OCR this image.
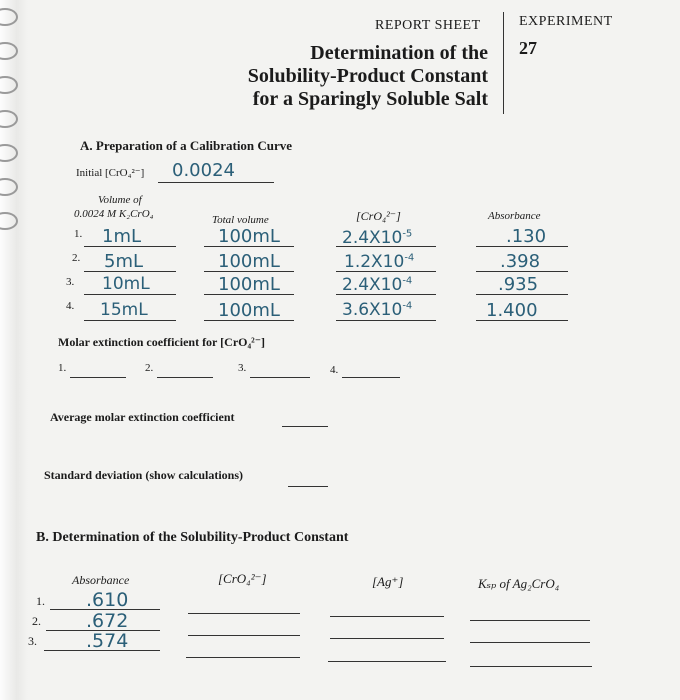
REPORT SHEET	EXPERIMENT
27
Determination of the
Solubility-Product Constant
for a Sparingly Soluble Salt
A. Preparation of a Calibration Curve
Initial [CrO₄²⁻] 0.0024
Volume of
0.0024 M K₂CrO₄	Total volume	[CrO₄²⁻]	Absorbance
1. 1mL	100mL	$2.4X10^{-5}$	.130
2. 5mL	100mL	$1.2X10^{-4}$	.398
3. 10mL	100mL	$2.4X10^{-4}$	.935
4. 15mL	100mL	$3.6X10^{-4}$	1.400
Molar extinction coefficient for [CrO₄²⁻]
1.	2.	3.	4.
Average molar extinction coefficient
Standard deviation (show calculations)
B. Determination of the Solubility-Product Constant
Absorbance	[CrO₄²⁻]	[Ag⁺]	Kₛₚ of Ag₂CrO₄
1. .610
2. .672
3.	.574
